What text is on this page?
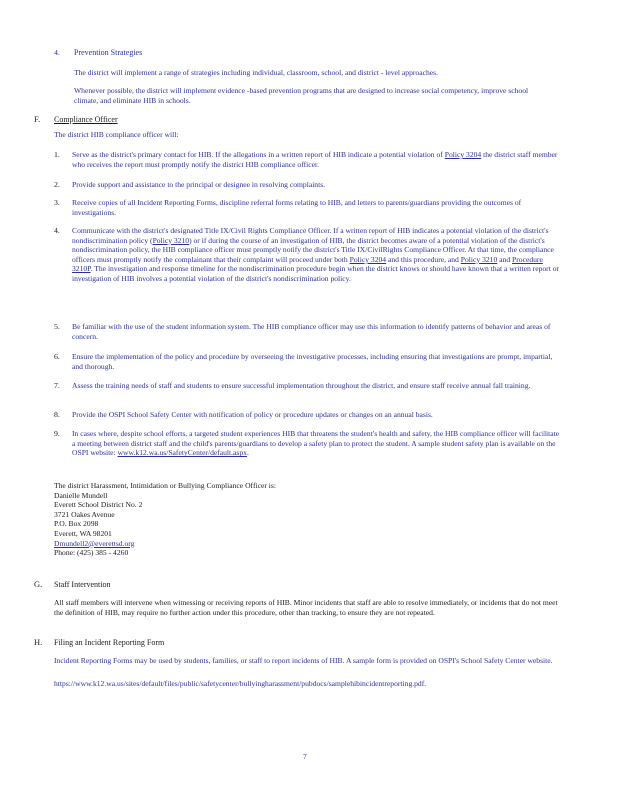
4. Prevention Strategies
The district will implement a range of strategies including individual, classroom, school, and district - level approaches.
Whenever possible, the district will implement evidence -based prevention programs that are designed to increase social competency, improve school climate, and eliminate HIB in schools.
F. Compliance Officer
The district HIB compliance officer will:
1. Serve as the district's primary contact for HIB. If the allegations in a written report of HIB indicate a potential violation of Policy 3204 the district staff member who receives the report must promptly notify the district HIB compliance officer.
2. Provide support and assistance to the principal or designee in resolving complaints.
3. Receive copies of all Incident Reporting Forms, discipline referral forms relating to HIB, and letters to parents/guardians providing the outcomes of investigations.
4. Communicate with the district's designated Title IX/Civil Rights Compliance Officer. If a written report of HIB indicates a potential violation of the district's nondiscrimination policy (Policy 3210) or if during the course of an investigation of HIB, the district becomes aware of a potential violation of the district's nondiscrimination policy, the HIB compliance officer must promptly notify the district's Title IX/CivilRights Compliance Officer. At that time, the compliance officers must promptly notify the complainant that their complaint will proceed under both Policy 3204 and this procedure, and Policy 3210 and Procedure 3210P. The investigation and response timeline for the nondiscrimination procedure begin when the district knows or should have known that a written report or investigation of HIB involves a potential violation of the district's nondiscrimination policy.
5. Be familiar with the use of the student information system. The HIB compliance officer may use this information to identify patterns of behavior and areas of concern.
6. Ensure the implementation of the policy and procedure by overseeing the investigative processes, including ensuring that investigations are prompt, impartial, and thorough.
7. Assess the training needs of staff and students to ensure successful implementation throughout the district, and ensure staff receive annual fall training.
8. Provide the OSPI School Safety Center with notification of policy or procedure updates or changes on an annual basis.
9. In cases where, despite school efforts, a targeted student experiences HIB that threatens the student's health and safety, the HIB compliance officer will facilitate a meeting between district staff and the child's parents/guardians to develop a safety plan to protect the student. A sample student safety plan is available on the OSPI website: www.k12.wa.us/SafetyCenter/default.aspx.
The district Harassment, Intimidation or Bullying Compliance Officer is:
Danielle Mundell
Everett School District No. 2
3721 Oakes Avenue
P.O. Box 2098
Everett, WA 98201
Dmundell2@everettsd.org
Phone: (425) 385 - 4260
G. Staff Intervention
All staff members will intervene when witnessing or receiving reports of HIB. Minor incidents that staff are able to resolve immediately, or incidents that do not meet the definition of HIB, may require no further action under this procedure, other than tracking, to ensure they are not repeated.
H. Filing an Incident Reporting Form
Incident Reporting Forms may be used by students, families, or staff to report incidents of HIB. A sample form is provided on OSPI's School Safety Center website.
https://www.k12.wa.us/sites/default/files/public/safetycenter/bullyingharassment/pubdocs/samplehibincidentreporting.pdf.
7
